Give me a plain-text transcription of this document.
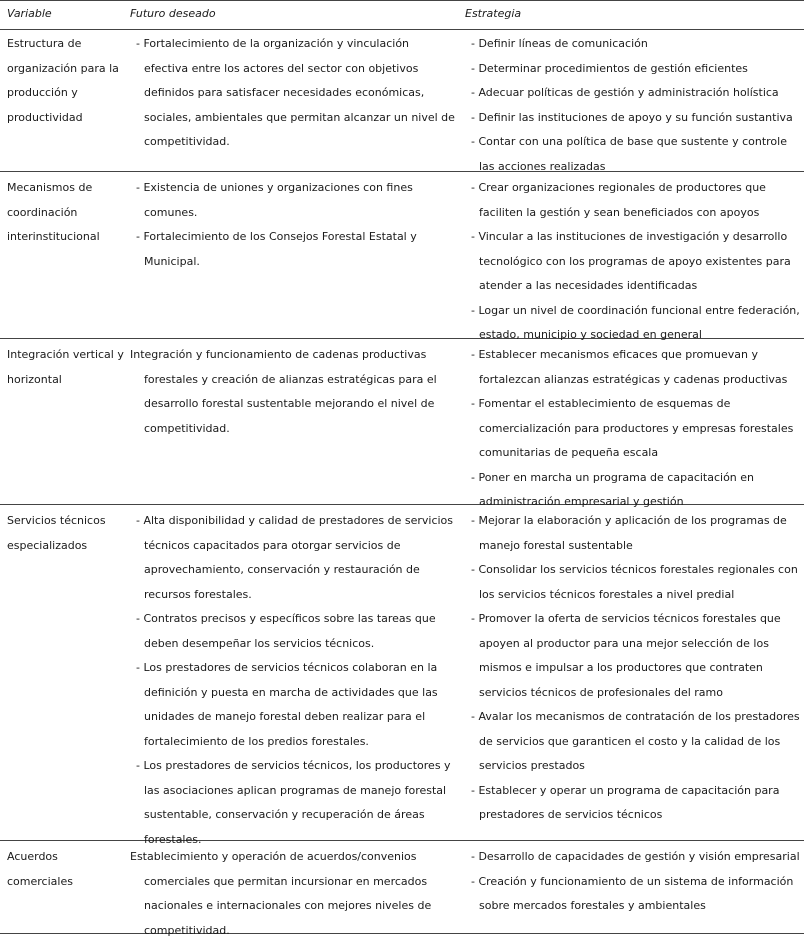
Variable	Futuro deseado	Estrategia
Estructura de organización para la producción y productividad
- Fortalecimiento de la organización y vinculación efectiva entre los actores del sector con objetivos definidos para satisfacer necesidades económicas, sociales, ambientales que permitan alcanzar un nivel de competitividad.
- Definir líneas de comunicación
- Determinar procedimientos de gestión eficientes
- Adecuar políticas de gestión y administración holística
- Definir las instituciones de apoyo y su función sustantiva
- Contar con una política de base que sustente y controle las acciones realizadas
Mecanismos de coordinación interinstitucional
- Existencia de uniones y organizaciones con fines comunes.
- Fortalecimiento de los Consejos Forestal Estatal y Municipal.
- Crear organizaciones regionales de productores que faciliten la gestión y sean beneficiados con apoyos
- Vincular a las instituciones de investigación y desarrollo tecnológico con los programas de apoyo existentes para atender a las necesidades identificadas
- Logar un nivel de coordinación funcional entre federación, estado, municipio y sociedad en general
Integración vertical y horizontal
Integración y funcionamiento de cadenas productivas forestales y creación de alianzas estratégicas para el desarrollo forestal sustentable mejorando el nivel de competitividad.
- Establecer mecanismos eficaces que promuevan y fortalezcan alianzas estratégicas y cadenas productivas
- Fomentar el establecimiento de esquemas de comercialización para productores y empresas forestales comunitarias de pequeña escala
- Poner en marcha un programa de capacitación en administración empresarial y gestión
Servicios técnicos especializados
- Alta disponibilidad y calidad de prestadores de servicios técnicos capacitados para otorgar servicios de aprovechamiento, conservación y restauración de recursos forestales.
- Contratos precisos y específicos sobre las tareas que deben desempeñar los servicios técnicos.
- Los prestadores de servicios técnicos colaboran en la definición y puesta en marcha de actividades que las unidades de manejo forestal deben realizar para el fortalecimiento de los predios forestales.
- Los prestadores de servicios técnicos, los productores y las asociaciones aplican programas de manejo forestal sustentable, conservación y recuperación de áreas forestales.
- Mejorar la elaboración y aplicación de los programas de manejo forestal sustentable
- Consolidar los servicios técnicos forestales regionales con los servicios técnicos forestales a nivel predial
- Promover la oferta de servicios técnicos forestales que apoyen al productor para una mejor selección de los mismos e impulsar a los productores que contraten servicios técnicos de profesionales del ramo
- Avalar los mecanismos de contratación de los prestadores de servicios que garanticen el costo y la calidad de los servicios prestados
- Establecer y operar un programa de capacitación para prestadores de servicios técnicos
Acuerdos comerciales
Establecimiento y operación de acuerdos/convenios comerciales que permitan incursionar en mercados nacionales e internacionales con mejores niveles de competitividad.
- Desarrollo de capacidades de gestión y visión empresarial
- Creación y funcionamiento de un sistema de información sobre mercados forestales y ambientales
